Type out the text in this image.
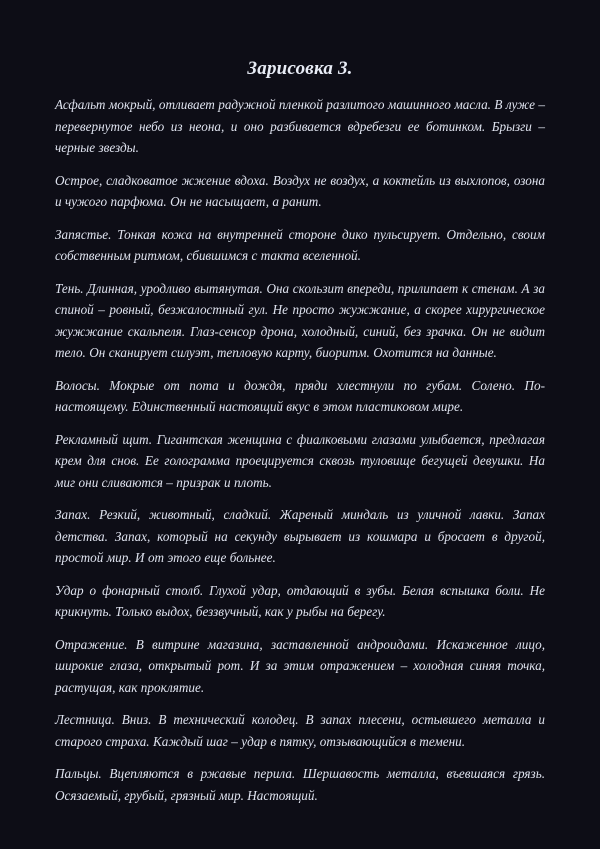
Зарисовка 3.

Асфальт мокрый, отливает радужной пленкой разлитого машинного масла. В луже – перевернутое небо из неона, и оно разбивается вдребезги ее ботинком. Брызги – черные звезды.

Острое, сладковатое жжение вдоха. Воздух не воздух, а коктейль из выхлопов, озона и чужого парфюма. Он не насыщает, а ранит.

Запястье. Тонкая кожа на внутренней стороне дико пульсирует. Отдельно, своим собственным ритмом, сбившимся с такта вселенной.

Тень. Длинная, уродливо вытянутая. Она скользит впереди, прилипает к стенам. А за спиной – ровный, безжалостный гул. Не просто жужжание, а скорее хирургическое жужжание скальпеля. Глаз-сенсор дрона, холодный, синий, без зрачка. Он не видит тело. Он сканирует силуэт, тепловую карту, биоритм. Охотится на данные.

Волосы. Мокрые от пота и дождя, пряди хлестнули по губам. Солено. По-настоящему. Единственный настоящий вкус в этом пластиковом мире.

Рекламный щит. Гигантская женщина с фиалковыми глазами улыбается, предлагая крем для снов. Ее голограмма проецируется сквозь туловище бегущей девушки. На миг они сливаются – призрак и плоть.

Запах. Резкий, животный, сладкий. Жареный миндаль из уличной лавки. Запах детства. Запах, который на секунду вырывает из кошмара и бросает в другой, простой мир. И от этого еще больнее.

Удар о фонарный столб. Глухой удар, отдающий в зубы. Белая вспышка боли. Не крикнуть. Только выдох, беззвучный, как у рыбы на берегу.

Отражение. В витрине магазина, заставленной андроидами. Искаженное лицо, широкие глаза, открытый рот. И за этим отражением – холодная синяя точка, растущая, как проклятие.

Лестница. Вниз. В технический колодец. В запах плесени, остывшего металла и старого страха. Каждый шаг – удар в пятку, отзывающийся в темени.

Пальцы. Вцепляются в ржавые перила. Шершавость металла, въевшаяся грязь. Осязаемый, грубый, грязный мир. Настоящий.
